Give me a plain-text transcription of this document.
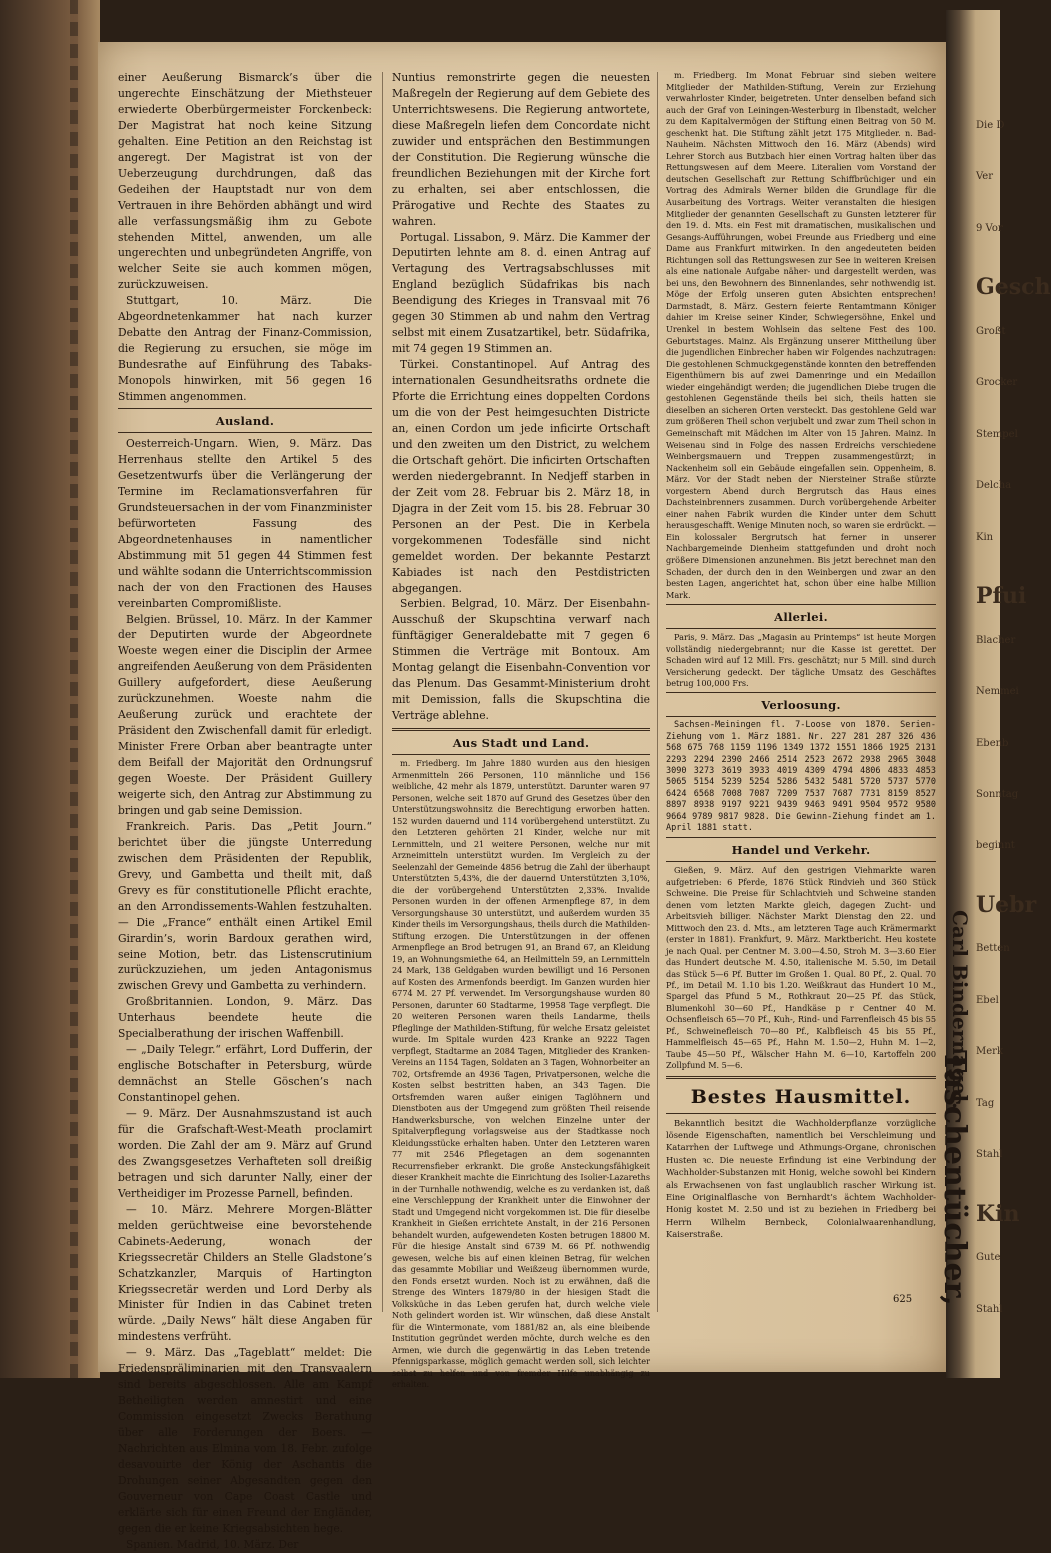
Carl Bindernagel.
Taschentücher,
Die D
Ver
9 Vor
Gesch
Großt
Grocker
Stempel
Delcha
Kin
Pfui
Blacher
Nemmei
Ebenb
Sonntag
beginnt
Uebr
Betten
Ebel
Merk
Tag
Stahl
Kin
Gute
Stahl

einer Aeußerung Bismarck’s über die ungerechte Einschätzung der Miethsteuer erwiederte Oberbürgermeister Forckenbeck: Der Magistrat hat noch keine Sitzung gehalten. Eine Petition an den Reichstag ist angeregt. Der Magistrat ist von der Ueberzeugung durchdrungen, daß das Gedeihen der Hauptstadt nur von dem Vertrauen in ihre Behörden abhängt und wird alle verfassungsmäßig ihm zu Gebote stehenden Mittel, anwenden, um alle ungerechten und unbegründeten Angriffe, von welcher Seite sie auch kommen mögen, zurückzuweisen.

Stuttgart, 10. März. Die Abgeordnetenkammer hat nach kurzer Debatte den Antrag der Finanz-Commission, die Regierung zu ersuchen, sie möge im Bundesrathe auf Einführung des Tabaks-Monopols hinwirken, mit 56 gegen 16 Stimmen angenommen.

Ausland.

Oesterreich-Ungarn. Wien, 9. März. Das Herrenhaus stellte den Artikel 5 des Gesetzentwurfs über die Verlängerung der Termine im Reclamationsverfahren für Grundsteuersachen in der vom Finanzminister befürworteten Fassung des Abgeordnetenhauses in namentlicher Abstimmung mit 51 gegen 44 Stimmen fest und wählte sodann die Unterrichtscommission nach der von den Fractionen des Hauses vereinbarten Compromißliste.

Belgien. Brüssel, 10. März. In der Kammer der Deputirten wurde der Abgeordnete Woeste wegen einer die Disciplin der Armee angreifenden Aeußerung von dem Präsidenten Guillery aufgefordert, diese Aeußerung zurückzunehmen. Woeste nahm die Aeußerung zurück und erachtete der Präsident den Zwischenfall damit für erledigt. Minister Frere Orban aber beantragte unter dem Beifall der Majorität den Ordnungsruf gegen Woeste. Der Präsident Guillery weigerte sich, den Antrag zur Abstimmung zu bringen und gab seine Demission.

Frankreich. Paris. Das „Petit Journ.“ berichtet über die jüngste Unterredung zwischen dem Präsidenten der Republik, Grevy, und Gambetta und theilt mit, daß Grevy es für constitutionelle Pflicht erachte, an den Arrondissements-Wahlen festzuhalten. — Die „France“ enthält einen Artikel Emil Girardin’s, worin Bardoux gerathen wird, seine Motion, betr. das Listenscrutinium zurückzuziehen, um jeden Antagonismus zwischen Grevy und Gambetta zu verhindern.

Großbritannien. London, 9. März. Das Unterhaus beendete heute die Specialberathung der irischen Waffenbill.

— „Daily Telegr.“ erfährt, Lord Dufferin, der englische Botschafter in Petersburg, würde demnächst an Stelle Göschen’s nach Constantinopel gehen.

— 9. März. Der Ausnahmszustand ist auch für die Grafschaft-West-Meath proclamirt worden. Die Zahl der am 9. März auf Grund des Zwangsgesetzes Verhafteten soll dreißig betragen und sich darunter Nally, einer der Vertheidiger im Prozesse Parnell, befinden.

— 10. März. Mehrere Morgen-Blätter melden gerüchtweise eine bevorstehende Cabinets-Aederung, wonach der Kriegssecretär Childers an Stelle Gladstone’s Schatzkanzler, Marquis of Hartington Kriegssecretär werden und Lord Derby als Minister für Indien in das Cabinet treten würde. „Daily News“ hält diese Angaben für mindestens verfrüht.

— 9. März. Das „Tageblatt“ meldet: Die Friedenspräliminarien mit den Transvaalern sind bereits abgeschlossen. Alle am Kampf Betheiligten werden amnestirt und eine Commission eingesetzt Zwecks Berathung über alle Forderungen der Boers. — Nachrichten aus Elmina vom 18. Febr. zufolge desavouirte der König der Aschantis die Drohungen seiner Abgesandten gegen den Gouverneur von Cape Coast Castle und erklärte sich für einen Freund der Engländer, gegen die er keine Kriegsabsichten hege.

Spanien. Madrid, 10. März. Der

Nuntius remonstrirte gegen die neuesten Maßregeln der Regierung auf dem Gebiete des Unterrichtswesens. Die Regierung antwortete, diese Maßregeln liefen dem Concordate nicht zuwider und entsprächen den Bestimmungen der Constitution. Die Regierung wünsche die freundlichen Beziehungen mit der Kirche fort zu erhalten, sei aber entschlossen, die Prärogative und Rechte des Staates zu wahren.

Portugal. Lissabon, 9. März. Die Kammer der Deputirten lehnte am 8. d. einen Antrag auf Vertagung des Vertragsabschlusses mit England bezüglich Südafrikas bis nach Beendigung des Krieges in Transvaal mit 76 gegen 30 Stimmen ab und nahm den Vertrag selbst mit einem Zusatzartikel, betr. Südafrika, mit 74 gegen 19 Stimmen an.

Türkei. Constantinopel. Auf Antrag des internationalen Gesundheitsraths ordnete die Pforte die Errichtung eines doppelten Cordons um die von der Pest heimgesuchten Districte an, einen Cordon um jede inficirte Ortschaft und den zweiten um den District, zu welchem die Ortschaft gehört. Die inficirten Ortschaften werden niedergebrannt. In Nedjeff starben in der Zeit vom 28. Februar bis 2. März 18, in Djagra in der Zeit vom 15. bis 28. Februar 30 Personen an der Pest. Die in Kerbela vorgekommenen Todesfälle sind nicht gemeldet worden. Der bekannte Pestarzt Kabiades ist nach den Pestdistricten abgegangen.

Serbien. Belgrad, 10. März. Der Eisenbahn-Ausschuß der Skupschtina verwarf nach fünftägiger Generaldebatte mit 7 gegen 6 Stimmen die Verträge mit Bontoux. Am Montag gelangt die Eisenbahn-Convention vor das Plenum. Das Gesammt-Ministerium droht mit Demission, falls die Skupschtina die Verträge ablehne.

Aus Stadt und Land.

m. Friedberg. Im Jahre 1880 wurden aus den hiesigen Armenmitteln 266 Personen, 110 männliche und 156 weibliche, 42 mehr als 1879, unterstützt. Darunter waren 97 Personen, welche seit 1870 auf Grund des Gesetzes über den Unterstützungswohnsitz die Berechtigung erworben hatten. 152 wurden dauernd und 114 vorübergehend unterstützt. Zu den Letzteren gehörten 21 Kinder, welche nur mit Lernmitteln, und 21 weitere Personen, welche nur mit Arzneimitteln unterstützt wurden. Im Vergleich zu der Seelenzahl der Gemeinde 4856 betrug die Zahl der überhaupt Unterstützten 5,43%, die der dauernd Unterstützten 3,10%, die der vorübergehend Unterstützten 2,33%. Invalide Personen wurden in der offenen Armenpflege 87, in dem Versorgungshause 30 unterstützt, und außerdem wurden 35 Kinder theils im Versorgungshaus, theils durch die Mathilden-Stiftung erzogen. Die Unterstützungen in der offenen Armenpflege an Brod betrugen 91, an Brand 67, an Kleidung 19, an Wohnungsmiethe 64, an Heilmitteln 59, an Lernmitteln 24 Mark, 138 Geldgaben wurden bewilligt und 16 Personen auf Kosten des Armenfonds beerdigt. Im Ganzen wurden hier 6774 M. 27 Pf. verwendet. Im Versorgungshause wurden 80 Personen, darunter 60 Stadtarme, 19958 Tage verpflegt. Die 20 weiteren Personen waren theils Landarme, theils Pfleglinge der Mathilden-Stiftung, für welche Ersatz geleistet wurde. Im Spitale wurden 423 Kranke an 9222 Tagen verpflegt, Stadtarme an 2084 Tagen, Mitglieder des Kranken-Vereins an 1154 Tagen, Soldaten an 3 Tagen, Wohnorbeiter an 702, Ortsfremde an 4936 Tagen, Privatpersonen, welche die Kosten selbst bestritten haben, an 343 Tagen. Die Ortsfremden waren außer einigen Taglöhnern und Dienstboten aus der Umgegend zum größten Theil reisende Handwerksbursche, von welchen Einzelne unter der Spitalverpflegung vorlagsweise aus der Stadtkasse noch Kleidungsstücke erhalten haben. Unter den Letzteren waren 77 mit 2546 Pflegetagen an dem sogenannten Recurrensfieber erkrankt. Die große Ansteckungsfähigkeit dieser Krankheit machte die Einrichtung des Isolier-Lazareths in der Turnhalle nothwendig, welche es zu verdanken ist, daß eine Verschleppung der Krankheit unter die Einwohner der Stadt und Umgegend nicht vorgekommen ist. Die für dieselbe Krankheit in Gießen errichtete Anstalt, in der 216 Personen behandelt wurden, aufgewendeten Kosten betrugen 18800 M. Für die hiesige Anstalt sind 6739 M. 66 Pf. nothwendig gewesen, welche bis auf einen kleinen Betrag, für welchen das gesammte Mobiliar und Weißzeug übernommen wurde, den Fonds ersetzt wurden. Noch ist zu erwähnen, daß die Strenge des Winters 1879/80 in der hiesigen Stadt die Volksküche in das Leben gerufen hat, durch welche viele Noth gelindert worden ist. Wir wünschen, daß diese Anstalt für die Wintermonate, vom 1881/82 an, als eine bleibende Institution gegründet werden möchte, durch welche es den Armen, wie durch die gegenwärtig in das Leben tretende Pfennigsparkasse, möglich gemacht werden soll, sich leichter selbst zu helfen und von fremder Hilfe unabhängig zu erhalten.

m. Friedberg. Im Monat Februar sind sieben weitere Mitglieder der Mathilden-Stiftung, Verein zur Erziehung verwahrloster Kinder, beigetreten. Unter denselben befand sich auch der Graf von Leiningen-Westerburg in Ilbenstadt, welcher zu dem Kapitalvermögen der Stiftung einen Beitrag von 50 M. geschenkt hat. Die Stiftung zählt jetzt 175 Mitglieder. n. Bad-Nauheim. Nächsten Mittwoch den 16. März (Abends) wird Lehrer Storch aus Butzbach hier einen Vortrag halten über das Rettungswesen auf dem Meere. Literalien vom Vorstand der deutschen Gesellschaft zur Rettung Schiffbrüchiger und ein Vortrag des Admirals Werner bilden die Grundlage für die Ausarbeitung des Vortrags. Weiter veranstalten die hiesigen Mitglieder der genannten Gesellschaft zu Gunsten letzterer für den 19. d. Mts. ein Fest mit dramatischen, musikalischen und Gesangs-Aufführungen, wobei Freunde aus Friedberg und eine Dame aus Frankfurt mitwirken. In den angedeuteten beiden Richtungen soll das Rettungswesen zur See in weiteren Kreisen als eine nationale Aufgabe näher- und dargestellt werden, was bei uns, den Bewohnern des Binnenlandes, sehr nothwendig ist. Möge der Erfolg unseren guten Absichten entsprechen! Darmstadt, 8. März. Gestern feierte Rentamtmann Königer dahier im Kreise seiner Kinder, Schwiegersöhne, Enkel und Urenkel in bestem Wohlsein das seltene Fest des 100. Geburtstages. Mainz. Als Ergänzung unserer Mittheilung über die jugendlichen Einbrecher haben wir Folgendes nachzutragen: Die gestohlenen Schmuckgegenstände konnten den betreffenden Eigenthümern bis auf zwei Damenringe und ein Medaillon wieder eingehändigt werden; die jugendlichen Diebe trugen die gestohlenen Gegenstände theils bei sich, theils hatten sie dieselben an sicheren Orten versteckt. Das gestohlene Geld war zum größeren Theil schon verjubelt und zwar zum Theil schon in Gemeinschaft mit Mädchen im Alter von 15 Jahren. Mainz. In Weisenau sind in Folge des nassen Erdreichs verschiedene Weinbergsmauern und Treppen zusammengestürzt; in Nackenheim soll ein Gebäude eingefallen sein. Oppenheim, 8. März. Vor der Stadt neben der Niersteiner Straße stürzte vorgestern Abend durch Bergrutsch das Haus eines Dachsteinbrenners zusammen. Durch vorübergehende Arbeiter einer nahen Fabrik wurden die Kinder unter dem Schutt herausgeschafft. Wenige Minuten noch, so waren sie erdrückt. — Ein kolossaler Bergrutsch hat ferner in unserer Nachbargemeinde Dienheim stattgefunden und droht noch größere Dimensionen anzunehmen. Bis jetzt berechnet man den Schaden, der durch den in den Weinbergen und zwar an den besten Lagen, angerichtet hat, schon über eine halbe Million Mark.

Allerlei.

Paris, 9. März. Das „Magasin au Printemps“ ist heute Morgen vollständig niedergebrannt; nur die Kasse ist gerettet. Der Schaden wird auf 12 Mill. Frs. geschätzt; nur 5 Mill. sind durch Versicherung gedeckt. Der tägliche Umsatz des Geschäftes betrug 100,000 Frs.

Verloosung.

Sachsen-Meiningen fl. 7-Loose von 1870. Serien-Ziehung vom 1. März 1881. Nr. 227 281 287 326 436 568 675 768 1159 1196 1349 1372 1551 1866 1925 2131 2293 2294 2390 2466 2514 2523 2672 2938 2965 3048 3090 3273 3619 3933 4019 4309 4794 4806 4833 4853 5065 5154 5239 5254 5286 5432 5481 5720 5737 5770 6424 6568 7008 7087 7209 7537 7687 7731 8159 8527 8897 8938 9197 9221 9439 9463 9491 9504 9572 9580 9664 9789 9817 9828. Die Gewinn-Ziehung findet am 1. April 1881 statt.

Handel und Verkehr.

Gießen, 9. März. Auf den gestrigen Viehmarkte waren aufgetrieben: 6 Pferde, 1876 Stück Rindvieh und 360 Stück Schweine. Die Preise für Schlachtvieh und Schweine standen denen vom letzten Markte gleich, dagegen Zucht- und Arbeitsvieh billiger. Nächster Markt Dienstag den 22. und Mittwoch den 23. d. Mts., am letzteren Tage auch Krämermarkt (erster in 1881). Frankfurt, 9. März. Marktbericht. Heu kostete je nach Qual. per Centner M. 3.00—4.50, Stroh M. 3—3.60 Eier das Hundert deutsche M. 4.50, italienische M. 5.50, im Detail das Stück 5—6 Pf. Butter im Großen 1. Qual. 80 Pf., 2. Qual. 70 Pf., im Detail M. 1.10 bis 1.20. Weißkraut das Hundert 10 M., Spargel das Pfund 5 M., Rothkraut 20—25 Pf. das Stück, Blumenkohl 30—60 Pf., Handkäse p r Centner 40 M. Ochsenfleisch 65—70 Pf., Kuh-, Rind- und Farrenfleisch 45 bis 55 Pf., Schweinefleisch 70—80 Pf., Kalbfleisch 45 bis 55 Pf., Hammelfleisch 45—65 Pf., Hahn M. 1.50—2, Huhn M. 1—2, Taube 45—50 Pf., Wälscher Hahn M. 6—10, Kartoffeln 200 Zollpfund M. 5—6.

Bestes Hausmittel.

Bekanntlich besitzt die Wachholderpflanze vorzügliche lösende Eigenschaften, namentlich bei Verschleimung und Katarrhen der Luftwege und Athmungs-Organe, chronischen Husten ꝛc. Die neueste Erfindung ist eine Verbindung der Wachholder-Substanzen mit Honig, welche sowohl bei Kindern als Erwachsenen von fast unglaublich rascher Wirkung ist. Eine Originalflasche von Bernhardt’s ächtem Wachholder-Honig kostet M. 2.50 und ist zu beziehen in Friedberg bei Herrn Wilhelm Bernbeck, Colonialwaarenhandlung, Kaiserstraße.

625
